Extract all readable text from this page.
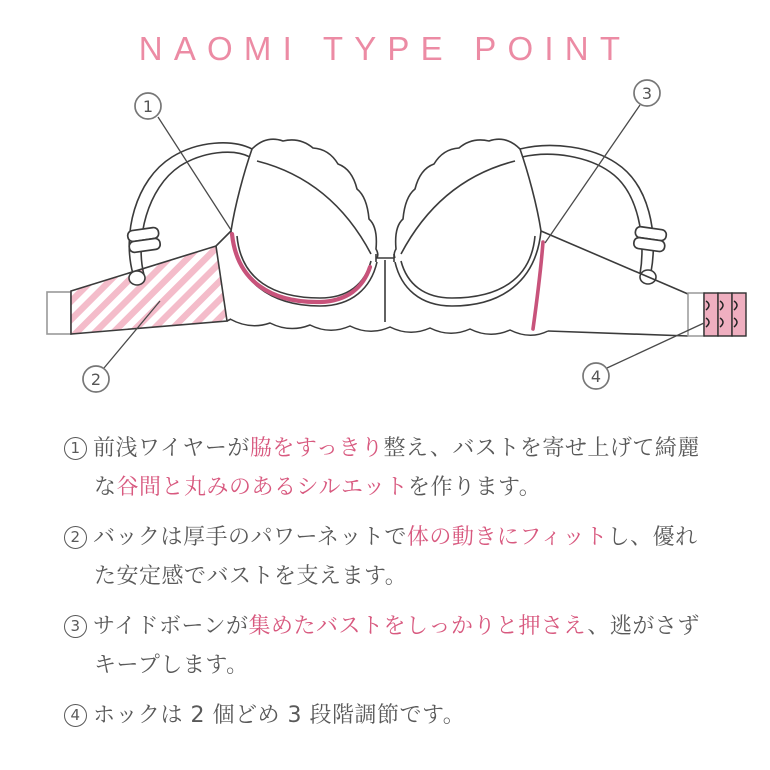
NAOMI TYPE POINT
1
2
3
4
1 前浅ワイヤーが脇をすっきり整え、バストを寄せ上げて綺麗な谷間と丸みのあるシルエットを作ります。
2 バックは厚手のパワーネットで体の動きにフィットし、優れた安定感でバストを支えます。
3 サイドボーンが集めたバストをしっかりと押さえ、逃がさずキープします。
4 ホックは 2 個どめ 3 段階調節です。
